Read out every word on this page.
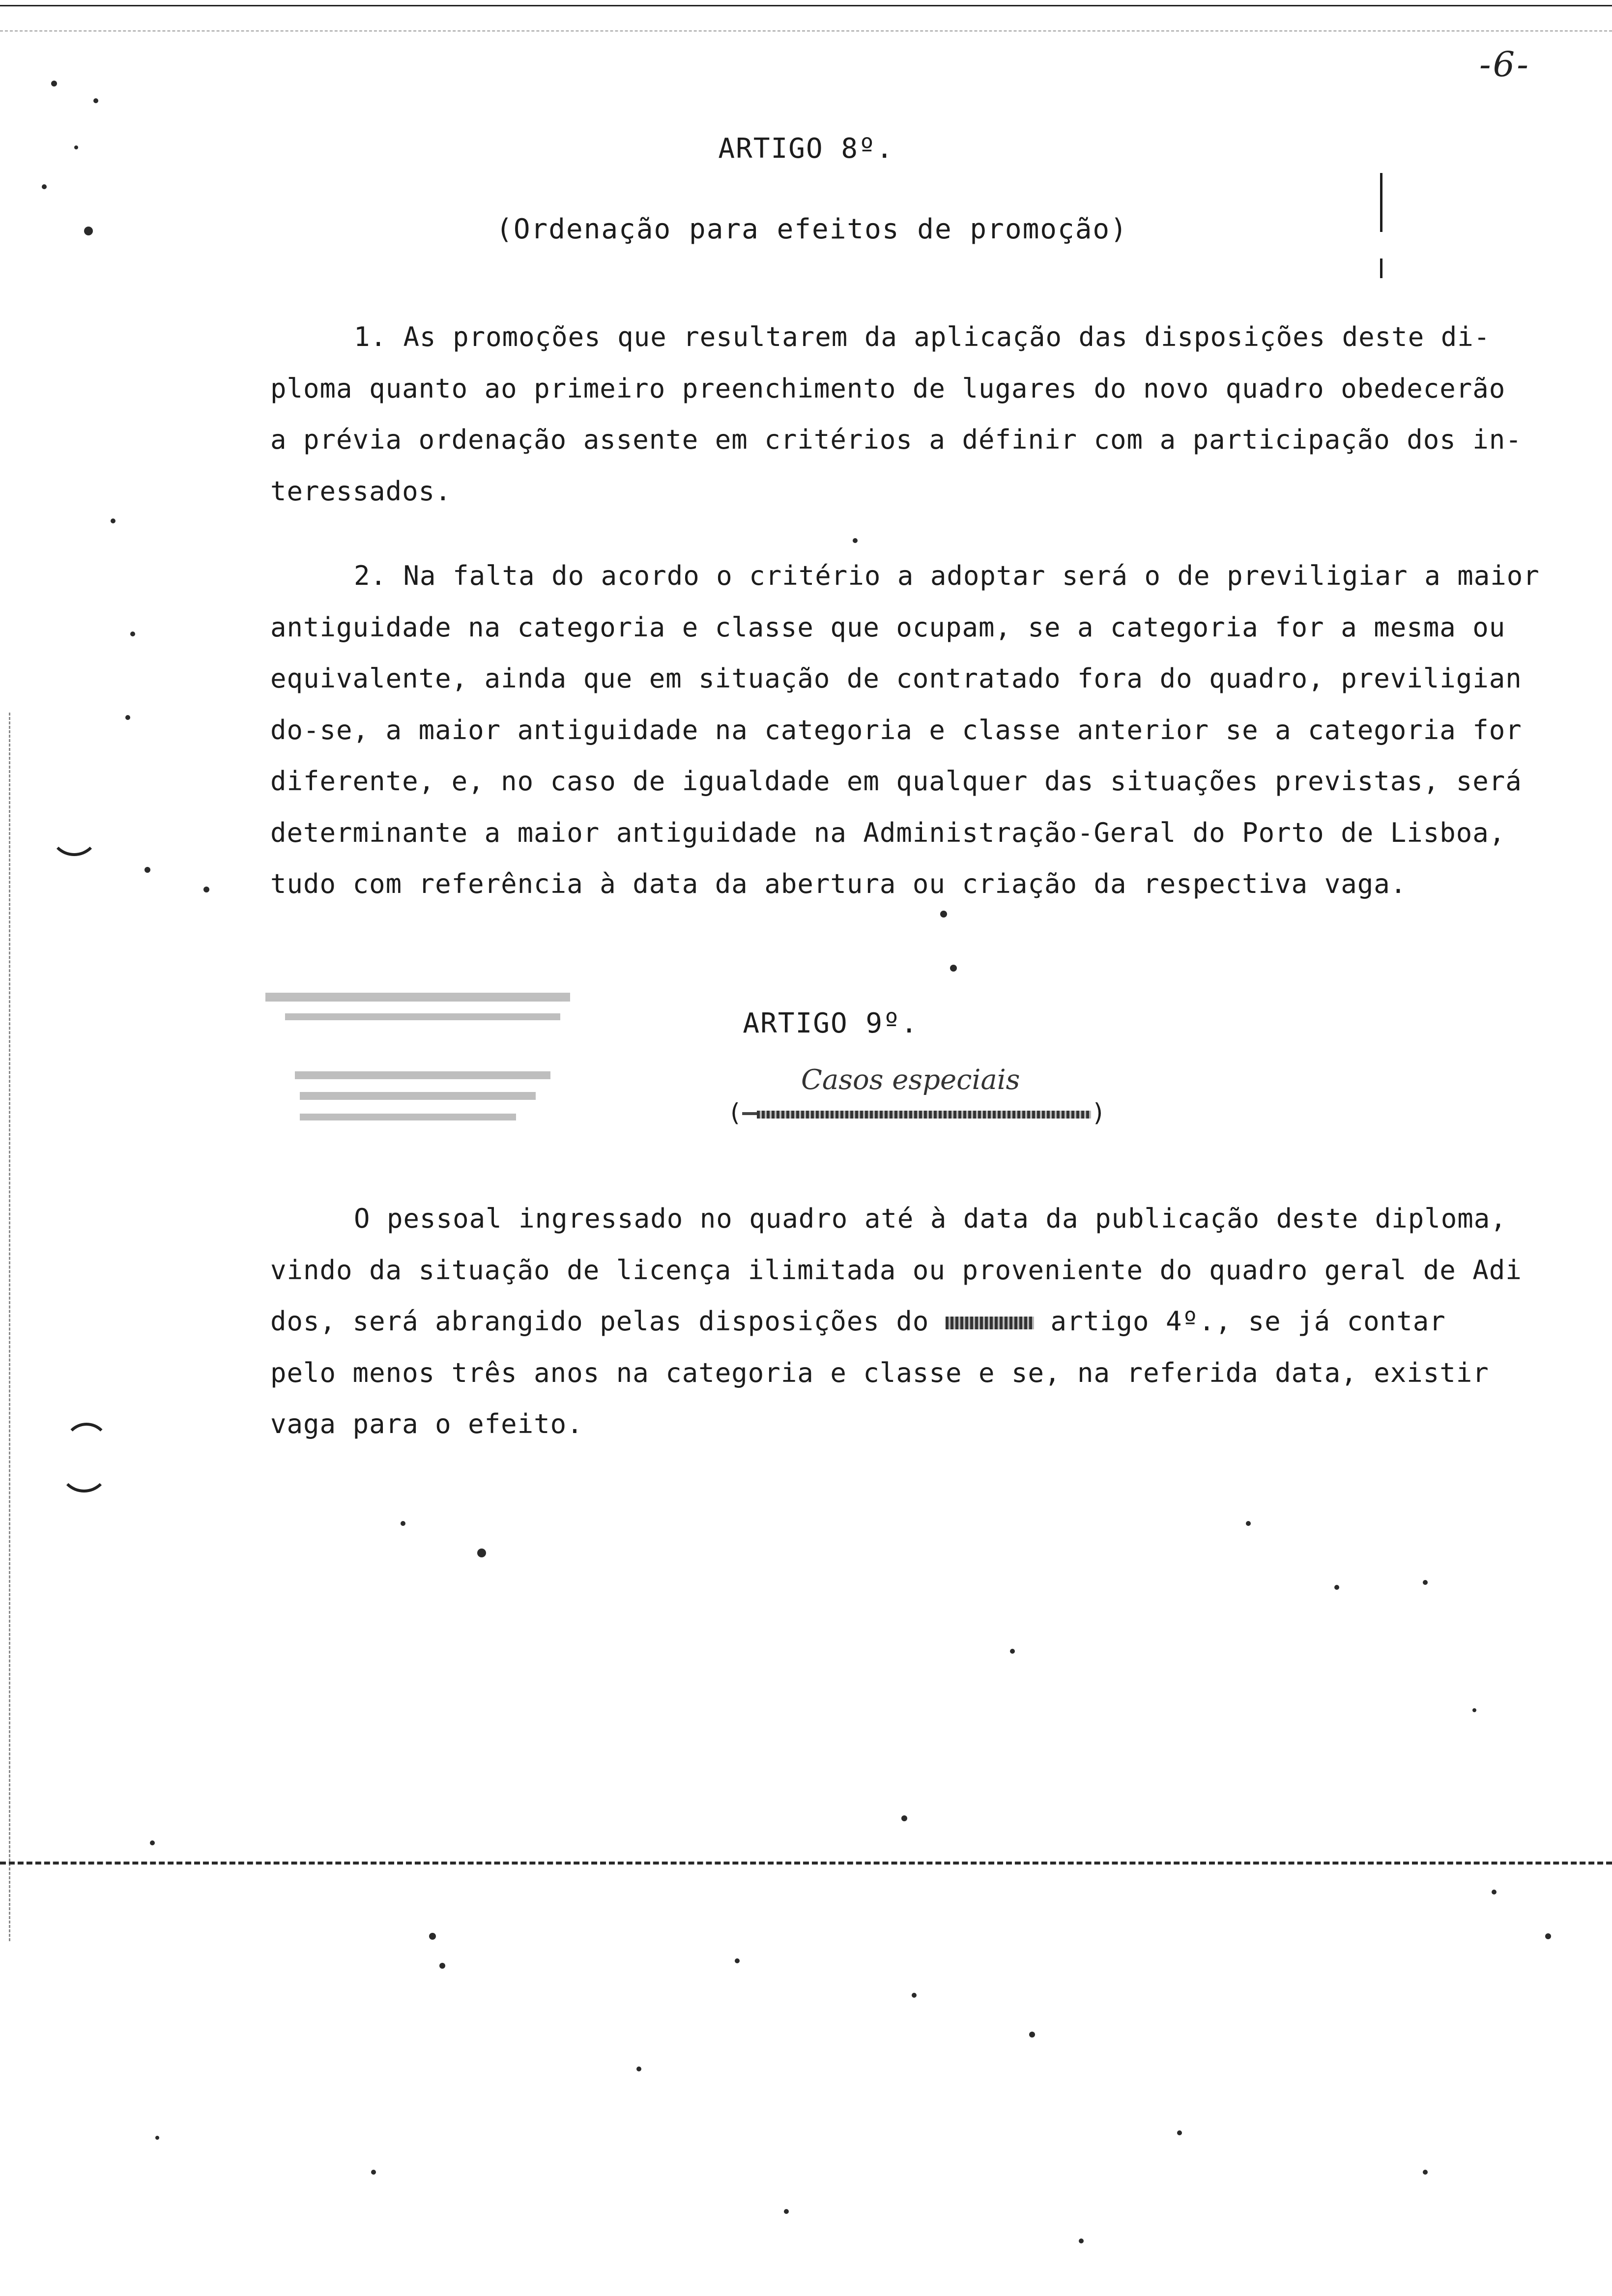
-6-
ARTIGO 8º.
(Ordenação para efeitos de promoção)

1. As promoções que resultarem da aplicação das disposições deste di-
ploma quanto ao primeiro preenchimento de lugares do novo quadro obedecerão
a prévia ordenação assente em critérios a définir com a participação dos in-
teressados.

2. Na falta do acordo o critério a adoptar será o de previligiar a maior
antiguidade na categoria e classe que ocupam, se a categoria for a mesma ou
equivalente, ainda que em situação de contratado fora do quadro, previligian
do-se, a maior antiguidade na categoria e classe anterior se a categoria for
diferente, e, no caso de igualdade em qualquer das situações previstas, será
determinante a maior antiguidade na Administração-Geral do Porto de Lisboa,
tudo com referência à data da abertura ou criação da respectiva vaga.

ARTIGO 9º.
Casos especiais
( 	)

O pessoal ingressado no quadro até à data da publicação deste diploma,
vindo da situação de licença ilimitada ou proveniente do quadro geral de Adi
dos, será abrangido pelas disposições do	artigo 4º., se já contar
pelo menos três anos na categoria e classe e se, na referida data, existir
vaga para o efeito.
